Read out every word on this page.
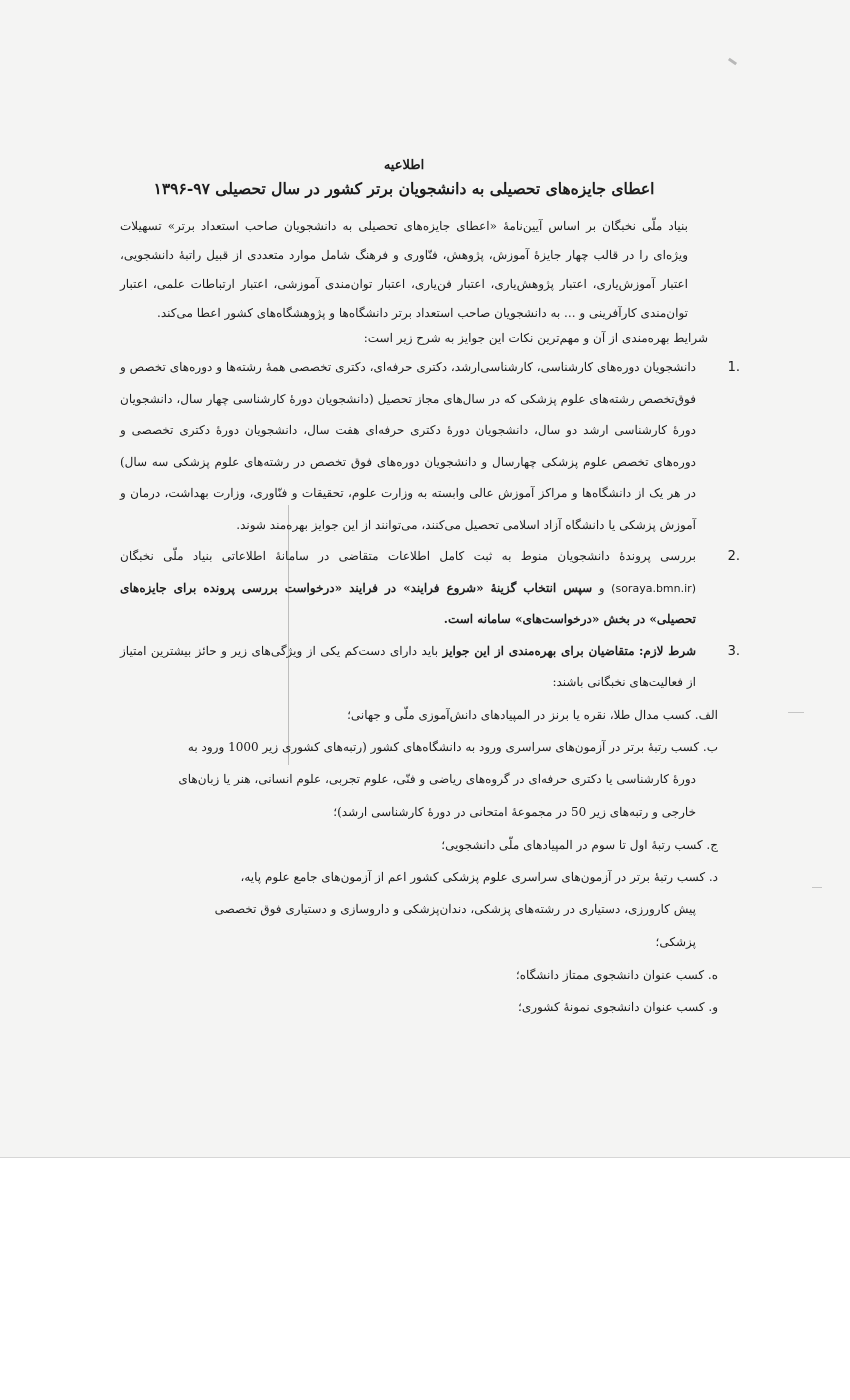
اطلاعیه
اعطای جایزه‌های تحصیلی به دانشجویان برتر کشور در سال تحصیلی ۹۷-۱۳۹۶

بنیاد ملّی نخبگان بر اساس آیین‌نامهٔ «اعطای جایزه‌های تحصیلی به دانشجویان صاحب استعداد برتر» تسهیلات ویژه‌ای را در قالب چهار جایزهٔ آموزش، پژوهش، فنّاوری و فرهنگ شامل موارد متعددی از قبیل راتبهٔ دانشجویی، اعتبار آموزش‌یاری، اعتبار پژوهش‌یاری، اعتبار فن‌یاری، اعتبار توان‌مندی آموزشی، اعتبار ارتباطات علمی، اعتبار توان‌مندی کارآفرینی و ... به دانشجویان صاحب استعداد برتر دانشگاه‌ها و پژوهشگاه‌های کشور اعطا می‌کند.

شرایط بهره‌مندی از آن و مهم‌ترین نکات این جوایز به شرح زیر است:

1.
دانشجویان دوره‌های کارشناسی، کارشناسی‌ارشد، دکتری حرفه‌ای، دکتری تخصصی همهٔ رشته‌ها و دوره‌های تخصص و فوق‌تخصص رشته‌های علوم پزشکی که در سال‌های مجاز تحصیل (دانشجویان دورهٔ کارشناسی چهار سال، دانشجویان دورهٔ کارشناسی ارشد دو سال، دانشجویان دورهٔ دکتری حرفه‌ای هفت سال، دانشجویان دورهٔ دکتری تخصصی و دوره‌های تخصص علوم پزشکی چهارسال و دانشجویان دوره‌های فوق تخصص در رشته‌های علوم پزشکی سه سال) در هر یک از دانشگاه‌ها و مراکز آموزش عالی وابسته به وزارت علوم، تحقیقات و فنّاوری، وزارت بهداشت، درمان و آموزش پزشکی یا دانشگاه آزاد اسلامی تحصیل می‌کنند، می‌توانند از این جوایز بهره‌مند شوند.
2.
بررسی پروندهٔ دانشجویان منوط به ثبت کامل اطلاعات متقاضی در سامانهٔ اطلاعاتی بنیاد ملّی نخبگان (soraya.bmn.ir) و سپس انتخاب گزینهٔ «شروع فرایند» در فرایند «درخواست بررسی پرونده برای جایزه‌های تحصیلی» در بخش «درخواست‌های» سامانه است.
3.
شرط لازم: متقاضیان برای بهره‌مندی از این جوایز باید دارای دست‌کم یکی از ویژگی‌های زیر و حائز بیشترین امتیاز از فعالیت‌های نخبگانی باشند:

الف. کسب مدال طلا، نقره یا برنز در المپیادهای دانش‌آموزی ملّی و جهانی؛

ب. کسب رتبهٔ برتر در آزمون‌های سراسری ورود به دانشگاه‌های کشور (رتبه‌های کشوری زیر 1000 ورود به

دورهٔ کارشناسی یا دکتری حرفه‌ای در گروه‌های ریاضی و فنّی، علوم تجربی، علوم انسانی، هنر یا زبان‌های

خارجی و رتبه‌های زیر 50 در مجموعهٔ امتحانی در دورهٔ کارشناسی ارشد)؛

ج. کسب رتبهٔ اول تا سوم در المپیادهای ملّی دانشجویی؛

د. کسب رتبهٔ برتر در آزمون‌های سراسری علوم پزشکی کشور اعم از آزمون‌های جامع علوم پایه،

پیش کارورزی، دستیاری در رشته‌های پزشکی، دندان‌پزشکی و داروسازی و دستیاری فوق تخصصی

پزشکی؛

ه. کسب عنوان دانشجوی ممتاز دانشگاه؛

و. کسب عنوان دانشجوی نمونهٔ کشوری؛
